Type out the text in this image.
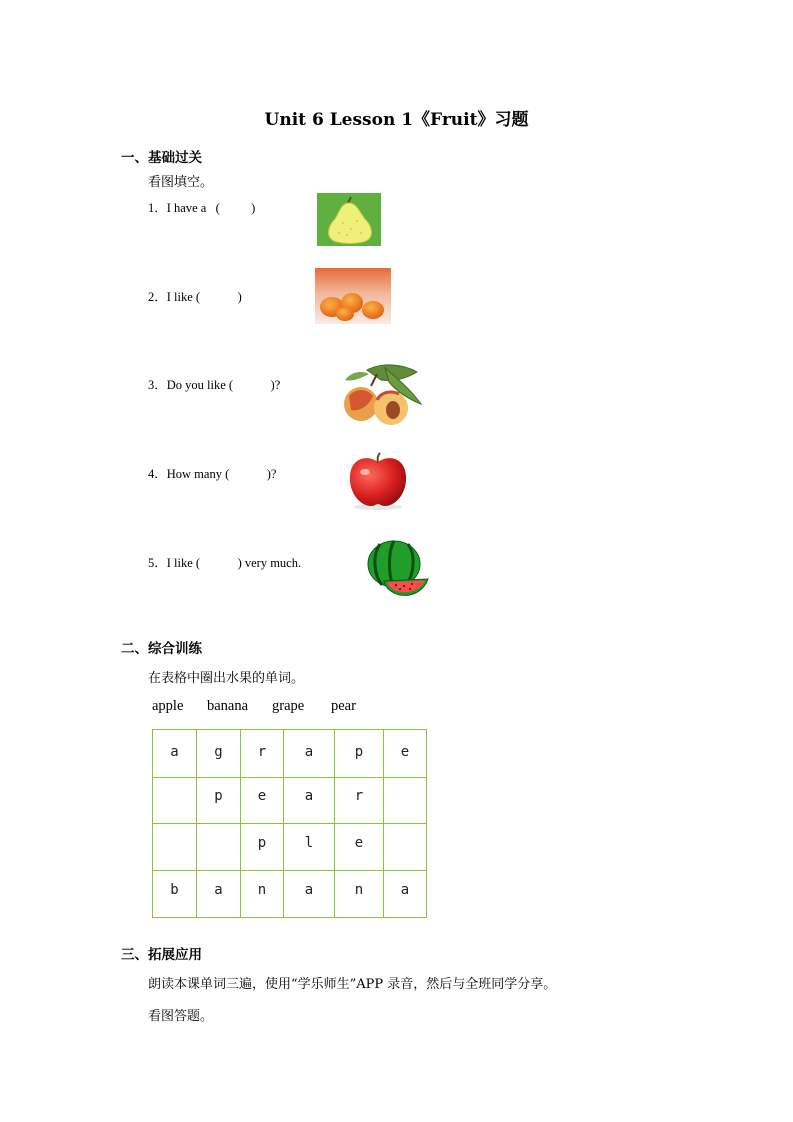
Unit 6 Lesson 1《Fruit》习题
一、基础过关
看图填空。
1．I have a   (          )
2．I like (            )
3．Do you like (            )?
4．How many (            )?
5．I like (            ) very much.
二、综合训练
在表格中圈出水果的单词。
apple banana grape pear
a	g	r	a	p	e
	p	e	a	r	
		p	l	e	
b	a	n	a	n	a
三、拓展应用
朗读本课单词三遍，使用“学乐师生”APP 录音，然后与全班同学分享。
看图答题。
